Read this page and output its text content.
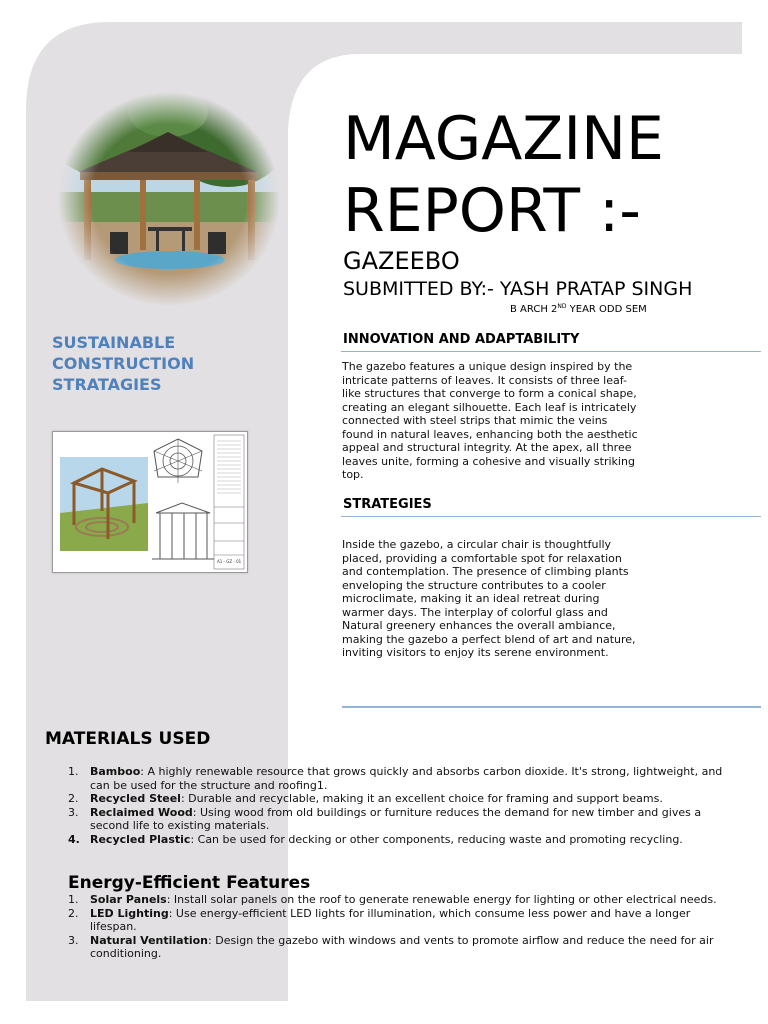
MAGAZINE
REPORT :-
GAZEEBO
SUBMITTED BY:- YASH PRATAP SINGH
B ARCH 2ND YEAR ODD SEM
SUSTAINABLE
CONSTRUCTION
STRATAGIES
A1 - GZ - 01
INNOVATION AND ADAPTABILITY
The gazebo features a unique design inspired by the intricate patterns of leaves. It consists of three leaf-like structures that converge to form a conical shape, creating an elegant silhouette. Each leaf is intricately connected with steel strips that mimic the veins found in natural leaves, enhancing both the aesthetic appeal and structural integrity. At the apex, all three leaves unite, forming a cohesive and visually striking top.
STRATEGIES
Inside the gazebo, a circular chair is thoughtfully placed, providing a comfortable spot for relaxation and contemplation. The presence of climbing plants enveloping the structure contributes to a cooler microclimate, making it an ideal retreat during warmer days. The interplay of colorful glass and Natural greenery enhances the overall ambiance, making the gazebo a perfect blend of art and nature, inviting visitors to enjoy its serene environment.
MATERIALS USED
1. Bamboo: A highly renewable resource that grows quickly and absorbs carbon dioxide. It's strong, lightweight, and can be used for the structure and roofing1.
2. Recycled Steel: Durable and recyclable, making it an excellent choice for framing and support beams.
3. Reclaimed Wood: Using wood from old buildings or furniture reduces the demand for new timber and gives a second life to existing materials.
4. Recycled Plastic: Can be used for decking or other components, reducing waste and promoting recycling.
Energy-Efficient Features
1. Solar Panels: Install solar panels on the roof to generate renewable energy for lighting or other electrical needs.
2. LED Lighting: Use energy-efficient LED lights for illumination, which consume less power and have a longer lifespan.
3. Natural Ventilation: Design the gazebo with windows and vents to promote airflow and reduce the need for air conditioning.
